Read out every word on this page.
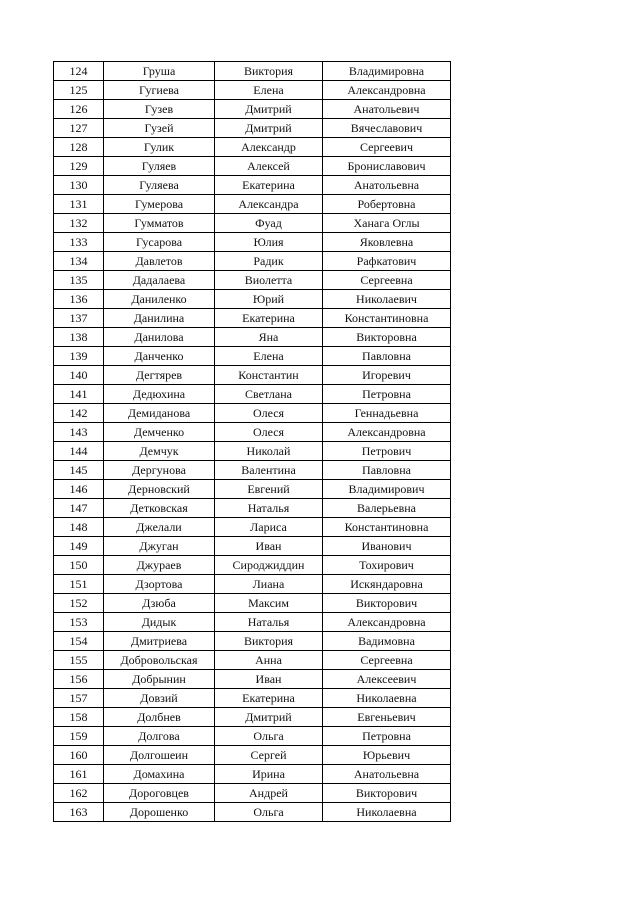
124	Груша	Виктория	Владимировна
125	Гугиева	Елена	Александровна
126	Гузев	Дмитрий	Анатольевич
127	Гузей	Дмитрий	Вячеславович
128	Гулик	Александр	Сергеевич
129	Гуляев	Алексей	Брониславович
130	Гуляева	Екатерина	Анатольевна
131	Гумерова	Александра	Робертовна
132	Гумматов	Фуад	Ханага Оглы
133	Гусарова	Юлия	Яковлевна
134	Давлетов	Радик	Рафкатович
135	Дадалаева	Виолетта	Сергеевна
136	Даниленко	Юрий	Николаевич
137	Данилина	Екатерина	Константиновна
138	Данилова	Яна	Викторовна
139	Данченко	Елена	Павловна
140	Дегтярев	Константин	Игоревич
141	Дедюхина	Светлана	Петровна
142	Демиданова	Олеся	Геннадьевна
143	Демченко	Олеся	Александровна
144	Демчук	Николай	Петрович
145	Дергунова	Валентина	Павловна
146	Дерновский	Евгений	Владимирович
147	Детковская	Наталья	Валерьевна
148	Джелали	Лариса	Константиновна
149	Джуган	Иван	Иванович
150	Джураев	Сироджиддин	Тохирович
151	Дзортова	Лиана	Искяндаровна
152	Дзюба	Максим	Викторович
153	Дидык	Наталья	Александровна
154	Дмитриева	Виктория	Вадимовна
155	Добровольская	Анна	Сергеевна
156	Добрынин	Иван	Алексеевич
157	Довзий	Екатерина	Николаевна
158	Долбнев	Дмитрий	Евгеньевич
159	Долгова	Ольга	Петровна
160	Долгошеин	Сергей	Юрьевич
161	Домахина	Ирина	Анатольевна
162	Дороговцев	Андрей	Викторович
163	Дорошенко	Ольга	Николаевна
